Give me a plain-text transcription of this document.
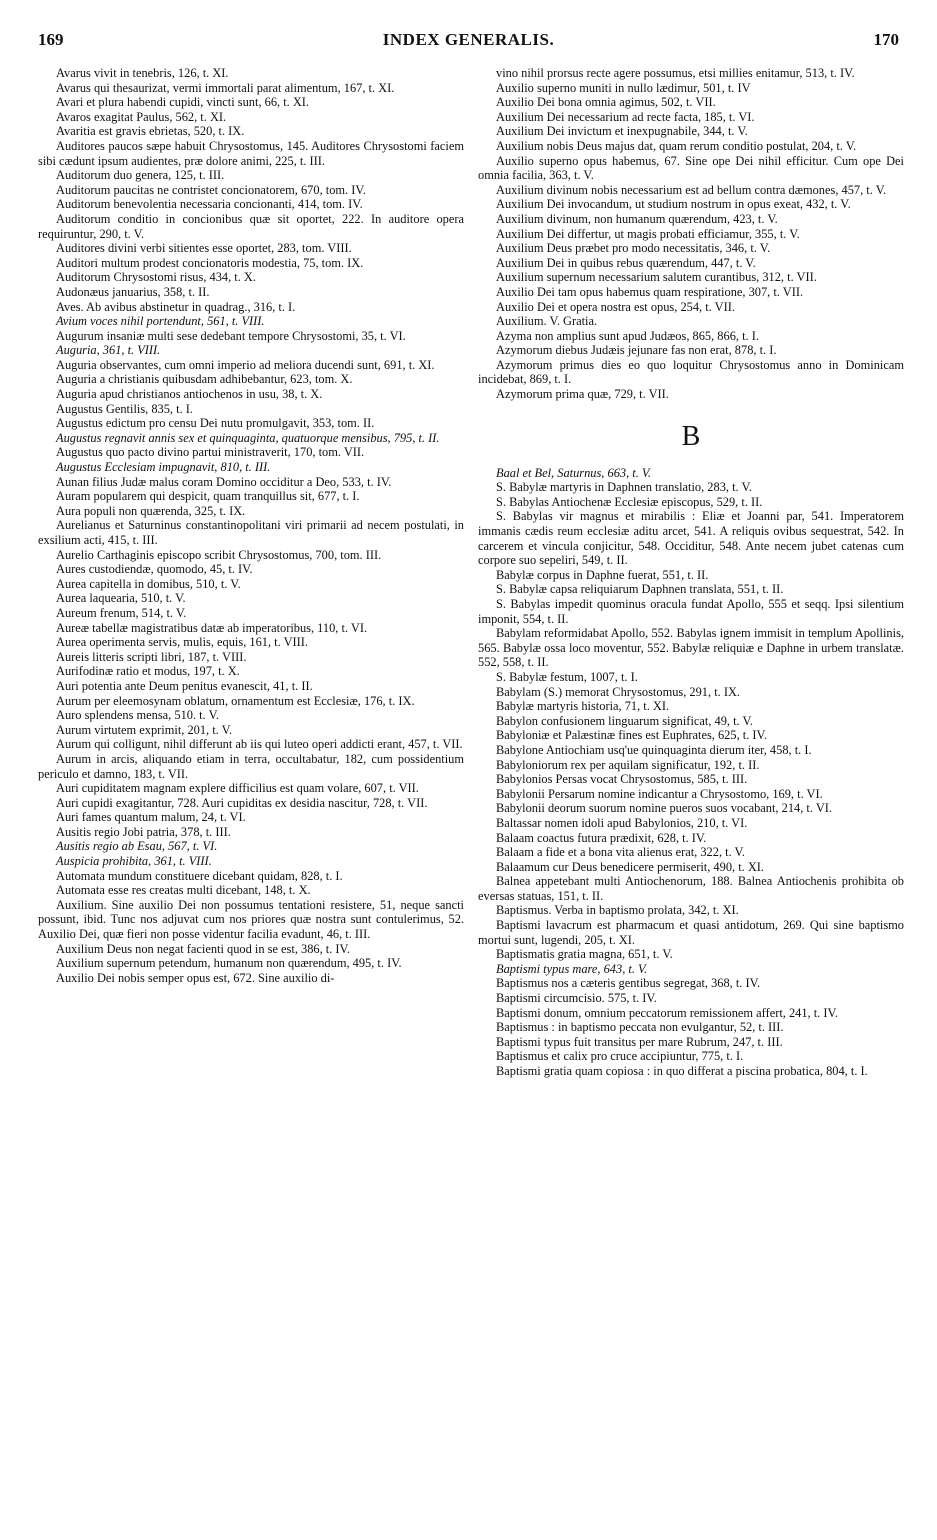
169	INDEX GENERALIS.	170

Avarus vivit in tenebris, 126, t. XI.

Avarus qui thesaurizat, vermi immortali parat alimentum, 167, t. XI.

Avari et plura habendi cupidi, vincti sunt, 66, t. XI.

Avaros exagitat Paulus, 562, t. XI.

Avaritia est gravis ebrietas, 520, t. IX.

Auditores paucos sæpe habuit Chrysostomus, 145. Auditores Chrysostomi faciem sibi cædunt ipsum audientes, præ dolore animi, 225, t. III.

Auditorum duo genera, 125, t. III.

Auditorum paucitas ne contristet concionatorem, 670, tom. IV.

Auditorum benevolentia necessaria concionanti, 414, tom. IV.

Auditorum conditio in concionibus quæ sit oportet, 222. In auditore opera requiruntur, 290, t. V.

Auditores divini verbi sitientes esse oportet, 283, tom. VIII.

Auditori multum prodest concionatoris modestia, 75, tom. IX.

Auditorum Chrysostomi risus, 434, t. X.

Audonæus januarius, 358, t. II.

Aves. Ab avibus abstinetur in quadrag., 316, t. I.

Avium voces nihil portendunt, 561, t. VIII.

Augurum insaniæ multi sese dedebant tempore Chrysostomi, 35, t. VI.

Auguria, 361, t. VIII.

Auguria observantes, cum omni imperio ad meliora ducendi sunt, 691, t. XI.

Auguria a christianis quibusdam adhibebantur, 623, tom. X.

Auguria apud christianos antiochenos in usu, 38, t. X.

Augustus Gentilis, 835, t. I.

Augustus edictum pro censu Dei nutu promulgavit, 353, tom. II.

Augustus regnavit annis sex et quinquaginta, quatuorque mensibus, 795, t. II.

Augustus quo pacto divino partui ministraverit, 170, tom. VII.

Augustus Ecclesiam impugnavit, 810, t. III.

Aunan filius Judæ malus coram Domino occiditur a Deo, 533, t. IV.

Auram popularem qui despicit, quam tranquillus sit, 677, t. I.

Aura populi non quærenda, 325, t. IX.

Aurelianus et Saturninus constantinopolitani viri primarii ad necem postulati, in exsilium acti, 415, t. III.

Aurelio Carthaginis episcopo scribit Chrysostomus, 700, tom. III.

Aures custodiendæ, quomodo, 45, t. IV.

Aurea capitella in domibus, 510, t. V.

Aurea laquearia, 510, t. V.

Aureum frenum, 514, t. V.

Aureæ tabellæ magistratibus datæ ab imperatoribus, 110, t. VI.

Aurea operimenta servis, mulis, equis, 161, t. VIII.

Aureis litteris scripti libri, 187, t. VIII.

Aurifodinæ ratio et modus, 197, t. X.

Auri potentia ante Deum penitus evanescit, 41, t. II.

Aurum per eleemosynam oblatum, ornamentum est Ecclesiæ, 176, t. IX.

Auro splendens mensa, 510. t. V.

Aurum virtutem exprimit, 201, t. V.

Aurum qui colligunt, nihil differunt ab iis qui luteo operi addicti erant, 457, t. VII.

Aurum in arcis, aliquando etiam in terra, occultabatur, 182, cum possidentium periculo et damno, 183, t. VII.

Auri cupiditatem magnam explere difficilius est quam volare, 607, t. VII.

Auri cupidi exagitantur, 728. Auri cupiditas ex desidia nascitur, 728, t. VII.

Auri fames quantum malum, 24, t. VI.

Ausitis regio Jobi patria, 378, t. III.

Ausitis regio ab Esau, 567, t. VI.

Auspicia prohibita, 361, t. VIII.

Automata mundum constituere dicebant quidam, 828, t. I.

Automata esse res creatas multi dicebant, 148, t. X.

Auxilium. Sine auxilio Dei non possumus tentationi resistere, 51, neque sancti possunt, ibid. Tunc nos adjuvat cum nos priores quæ nostra sunt contulerimus, 52. Auxilio Dei, quæ fieri non posse videntur facilia evadunt, 46, t. III.

Auxilium Deus non negat facienti quod in se est, 386, t. IV.

Auxilium supernum petendum, humanum non quærendum, 495, t. IV.

Auxilio Dei nobis semper opus est, 672. Sine auxilio di-

vino nihil prorsus recte agere possumus, etsi millies enitamur, 513, t. IV.

Auxilio superno muniti in nullo lædimur, 501, t. IV

Auxilio Dei bona omnia agimus, 502, t. VII.

Auxilium Dei necessarium ad recte facta, 185, t. VI.

Auxilium Dei invictum et inexpugnabile, 344, t. V.

Auxilium nobis Deus majus dat, quam rerum conditio postulat, 204, t. V.

Auxilio superno opus habemus, 67. Sine ope Dei nihil efficitur. Cum ope Dei omnia facilia, 363, t. V.

Auxilium divinum nobis necessarium est ad bellum contra dæmones, 457, t. V.

Auxilium Dei invocandum, ut studium nostrum in opus exeat, 432, t. V.

Auxilium divinum, non humanum quærendum, 423, t. V.

Auxilium Dei differtur, ut magis probati efficiamur, 355, t. V.

Auxilium Deus præbet pro modo necessitatis, 346, t. V.

Auxilium Dei in quibus rebus quærendum, 447, t. V.

Auxilium supernum necessarium salutem curantibus, 312, t. VII.

Auxilio Dei tam opus habemus quam respiratione, 307, t. VII.

Auxilio Dei et opera nostra est opus, 254, t. VII.

Auxilium. V. Gratia.

Azyma non amplius sunt apud Judæos, 865, 866, t. I.

Azymorum diebus Judæis jejunare fas non erat, 878, t. I.

Azymorum primus dies eo quo loquitur Chrysostomus anno in Dominicam incidebat, 869, t. I.

Azymorum prima quæ, 729, t. VII.

B

Baal et Bel, Saturnus, 663, t. V.

S. Babylæ martyris in Daphnen translatio, 283, t. V.

S. Babylas Antiochenæ Ecclesiæ episcopus, 529, t. II.

S. Babylas vir magnus et mirabilis : Eliæ et Joanni par, 541. Imperatorem immanis cædis reum ecclesiæ aditu arcet, 541. A reliquis ovibus sequestrat, 542. In carcerem et vincula conjicitur, 548. Occiditur, 548. Ante necem jubet catenas cum corpore suo sepeliri, 549, t. II.

Babylæ corpus in Daphne fuerat, 551, t. II.

S. Babylæ capsa reliquiarum Daphnen translata, 551, t. II.

S. Babylas impedit quominus oracula fundat Apollo, 555 et seqq. Ipsi silentium imponit, 554, t. II.

Babylam reformidabat Apollo, 552. Babylas ignem immisit in templum Apollinis, 565. Babylæ ossa loco moventur, 552. Babylæ reliquiæ e Daphne in urbem translatæ. 552, 558, t. II.

S. Babylæ festum, 1007, t. I.

Babylam (S.) memorat Chrysostomus, 291, t. IX.

Babylæ martyris historia, 71, t. XI.

Babylon confusionem linguarum significat, 49, t. V.

Babyloniæ et Palæstinæ fines est Euphrates, 625, t. IV.

Babylone Antiochiam usq'ue quinquaginta dierum iter, 458, t. I.

Babyloniorum rex per aquilam significatur, 192, t. II.

Babylonios Persas vocat Chrysostomus, 585, t. III.

Babylonii Persarum nomine indicantur a Chrysostomo, 169, t. VI.

Babylonii deorum suorum nomine pueros suos vocabant, 214, t. VI.

Baltassar nomen idoli apud Babylonios, 210, t. VI.

Balaam coactus futura prædixit, 628, t. IV.

Balaam a fide et a bona vita alienus erat, 322, t. V.

Balaamum cur Deus benedicere permiserit, 490, t. XI.

Balnea appetebant multi Antiochenorum, 188. Balnea Antiochenis prohibita ob eversas statuas, 151, t. II.

Baptismus. Verba in baptismo prolata, 342, t. XI.

Baptismi lavacrum est pharmacum et quasi antidotum, 269. Qui sine baptismo mortui sunt, lugendi, 205, t. XI.

Baptismatis gratia magna, 651, t. V.

Baptismi typus mare, 643, t. V.

Baptismus nos a cæteris gentibus segregat, 368, t. IV.

Baptismi circumcisio. 575, t. IV.

Baptismi donum, omnium peccatorum remissionem affert, 241, t. IV.

Baptismus : in baptismo peccata non evulgantur, 52, t. III.

Baptismi typus fuit transitus per mare Rubrum, 247, t. III.

Baptismus et calix pro cruce accipiuntur, 775, t. I.

Baptismi gratia quam copiosa : in quo differat a piscina probatica, 804, t. I.
